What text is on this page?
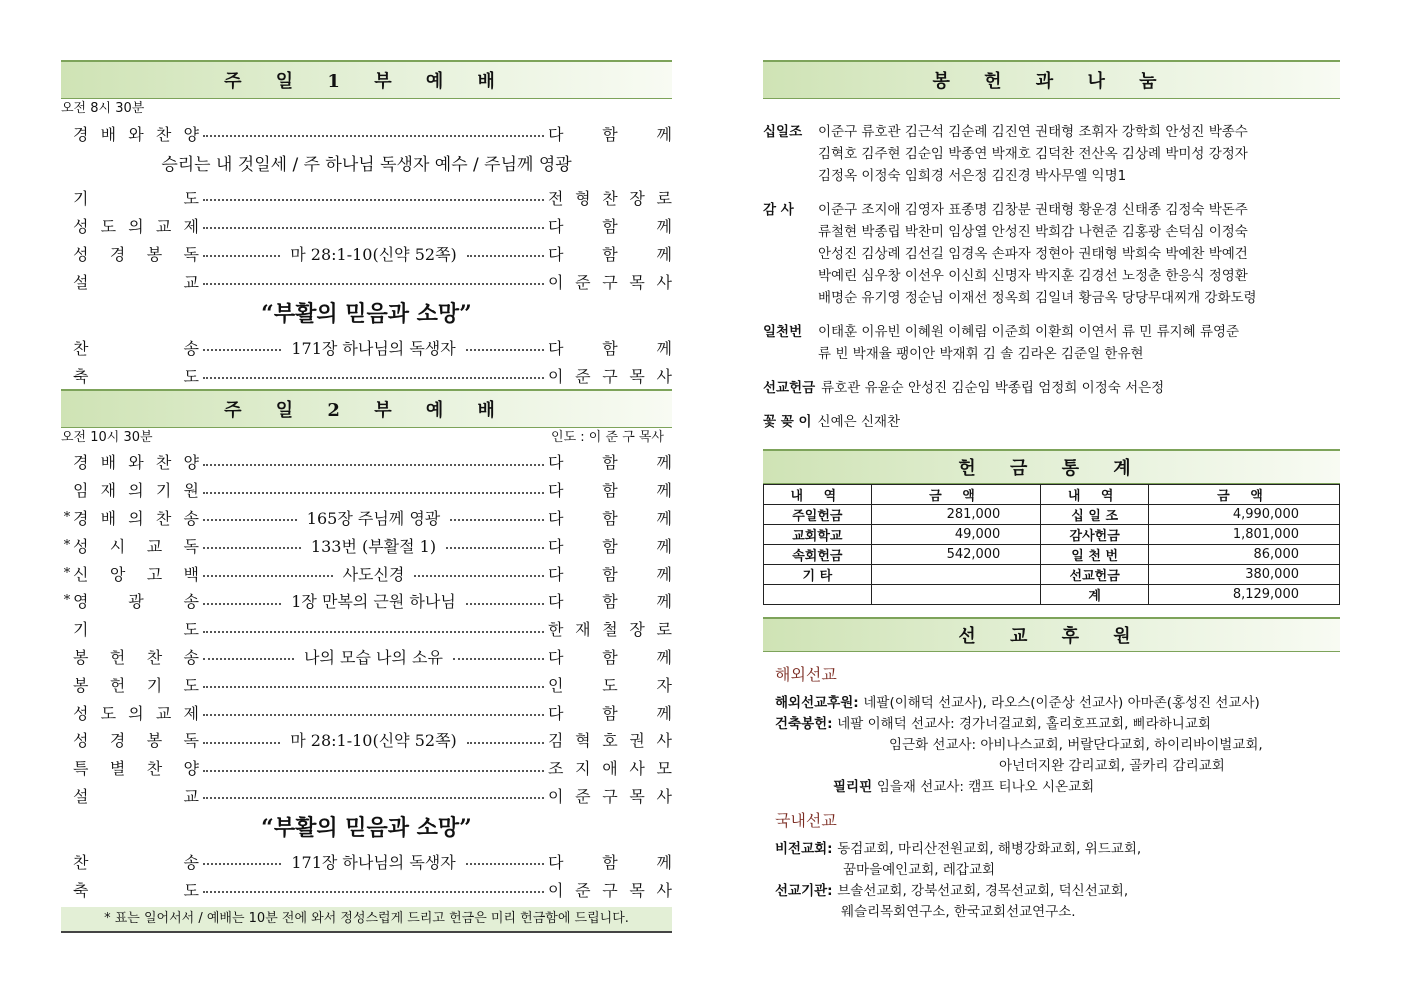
주 일 1 부 예 배
오전 8시 30분
경 배 와 찬 양	다 함 께
승리는 내 것일세 / 주 하나님 독생자 예수 / 주님께 영광
기	도	전 형 찬 장 로
성 도 의 교 제	다 함 께
성 경 봉 독	마 28:1-10(신약 52쪽)	다 함 께
설	교	이 준 구 목 사
“부활의 믿음과 소망”
찬	송	171장 하나님의 독생자	다 함 께
축	도	이 준 구 목 사
주 일 2 부 예 배
오전 10시 30분	인도 : 이 준 구 목사
경 배 와 찬 양	다 함 께
임 재 의 기 원	다 함 께
* 경 배 의 찬 송	165장 주님께 영광	다 함 께
* 성 시 교 독	133번 (부활절 1)	다 함 께
* 신 앙 고 백	사도신경	다 함 께
* 영 광 송	1장 만복의 근원 하나님	다 함 께
기	도	한 재 철 장 로
봉 헌 찬 송	나의 모습 나의 소유	다 함 께
봉 헌 기 도	인 도 자
성 도 의 교 제	다 함 께
성 경 봉 독	마 28:1-10(신약 52쪽)	김 혁 호 권 사
특 별 찬 양	조 지 애 사 모
설	교	이 준 구 목 사
“부활의 믿음과 소망”
찬	송	171장 하나님의 독생자	다 함 께
축	도	이 준 구 목 사
* 표는 일어서서 / 예배는 10분 전에 와서 정성스럽게 드리고 헌금은 미리 헌금함에 드립니다.
봉 헌 과 나 눔
십일조	이준구 류호관 김근석 김순례 김진연 권태형 조휘자 강학희 안성진 박종수
김혁호 김주현 김순임 박종연 박재호 김덕찬 전산옥 김상례 박미성 강정자
김정옥 이정숙 임희경 서은정 김진경 박사무엘 익명1
감 사	이준구 조지애 김영자 표종명 김창분 권태형 황운경 신태종 김정숙 박돈주
류철현 박종립 박찬미 임상열 안성진 박희감 나현준 김홍광 손덕심 이정숙
안성진 김상례 김선길 임경옥 손파자 정현아 권태형 박희숙 박예찬 박예건
박예린 심우창 이선우 이신희 신명자 박지훈 김경선 노정춘 한응식 정영환
배명순 유기영 정순님 이재선 정옥희 김일녀 황금옥 당당무대찌개 강화도령
일천번	이태훈 이유빈 이혜원 이혜림 이준희 이환희 이연서 류 민 류지혜 류영준
류 빈 박재율 팽이안 박재휘 김 솔 김라온 김준일 한유현
선교헌금 류호관 유윤순 안성진 김순임 박종립 엄정희 이정숙 서은정
꽃 꽂 이 신예은 신재찬
헌 금 통 계
내 역	금 액	내 역	금 액
주일헌금	281,000	십 일 조	4,990,000
교회학교	49,000	감사헌금	1,801,000
속회헌금	542,000	일 천 번	86,000
기 타		선교헌금	380,000
		계	8,129,000
선 교 후 원
해외선교
해외선교후원: 네팔(이해덕 선교사), 라오스(이준상 선교사) 아마존(홍성진 선교사)
건축봉헌: 네팔 이해덕 선교사: 경가너걸교회, 홀리호프교회, 삐라하니교회
임근화 선교사: 아비나스교회, 버랄단다교회, 하이리바이벌교회,
아넌더지완 감리교회, 골카리 감리교회
필리핀 임을재 선교사: 캠프 티나오 시온교회
국내선교
비전교회: 동검교회, 마리산전원교회, 해병강화교회, 위드교회,
꿈마을예인교회, 레갑교회
선교기관: 브솔선교회, 강북선교회, 경목선교회, 덕신선교회,
웨슬리목회연구소, 한국교회선교연구소.
